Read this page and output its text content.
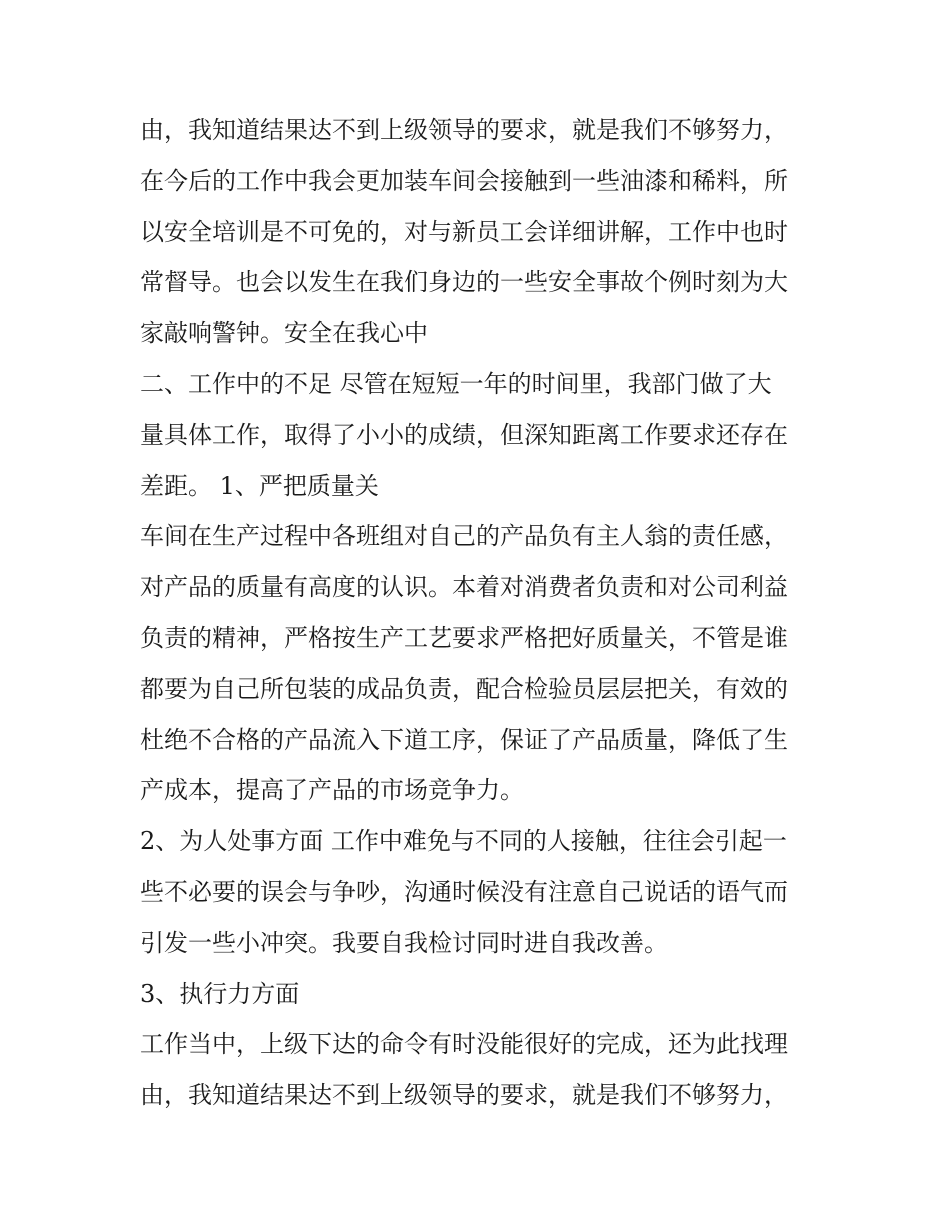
由，我知道结果达不到上级领导的要求，就是我们不够努力，
在今后的工作中我会更加装车间会接触到一些油漆和稀料，所
以安全培训是不可免的，对与新员工会详细讲解，工作中也时
常督导。也会以发生在我们身边的一些安全事故个例时刻为大
家敲响警钟。安全在我心中
二、工作中的不足 尽管在短短一年的时间里，我部门做了大
量具体工作，取得了小小的成绩，但深知距离工作要求还存在
差距。 1、严把质量关
车间在生产过程中各班组对自己的产品负有主人翁的责任感，
对产品的质量有高度的认识。本着对消费者负责和对公司利益
负责的精神，严格按生产工艺要求严格把好质量关，不管是谁
都要为自己所包装的成品负责，配合检验员层层把关，有效的
杜绝不合格的产品流入下道工序，保证了产品质量，降低了生
产成本，提高了产品的市场竞争力。
2、为人处事方面 工作中难免与不同的人接触，往往会引起一
些不必要的误会与争吵，沟通时候没有注意自己说话的语气而
引发一些小冲突。我要自我检讨同时进自我改善。
3、执行力方面
工作当中，上级下达的命令有时没能很好的完成，还为此找理
由，我知道结果达不到上级领导的要求，就是我们不够努力，
